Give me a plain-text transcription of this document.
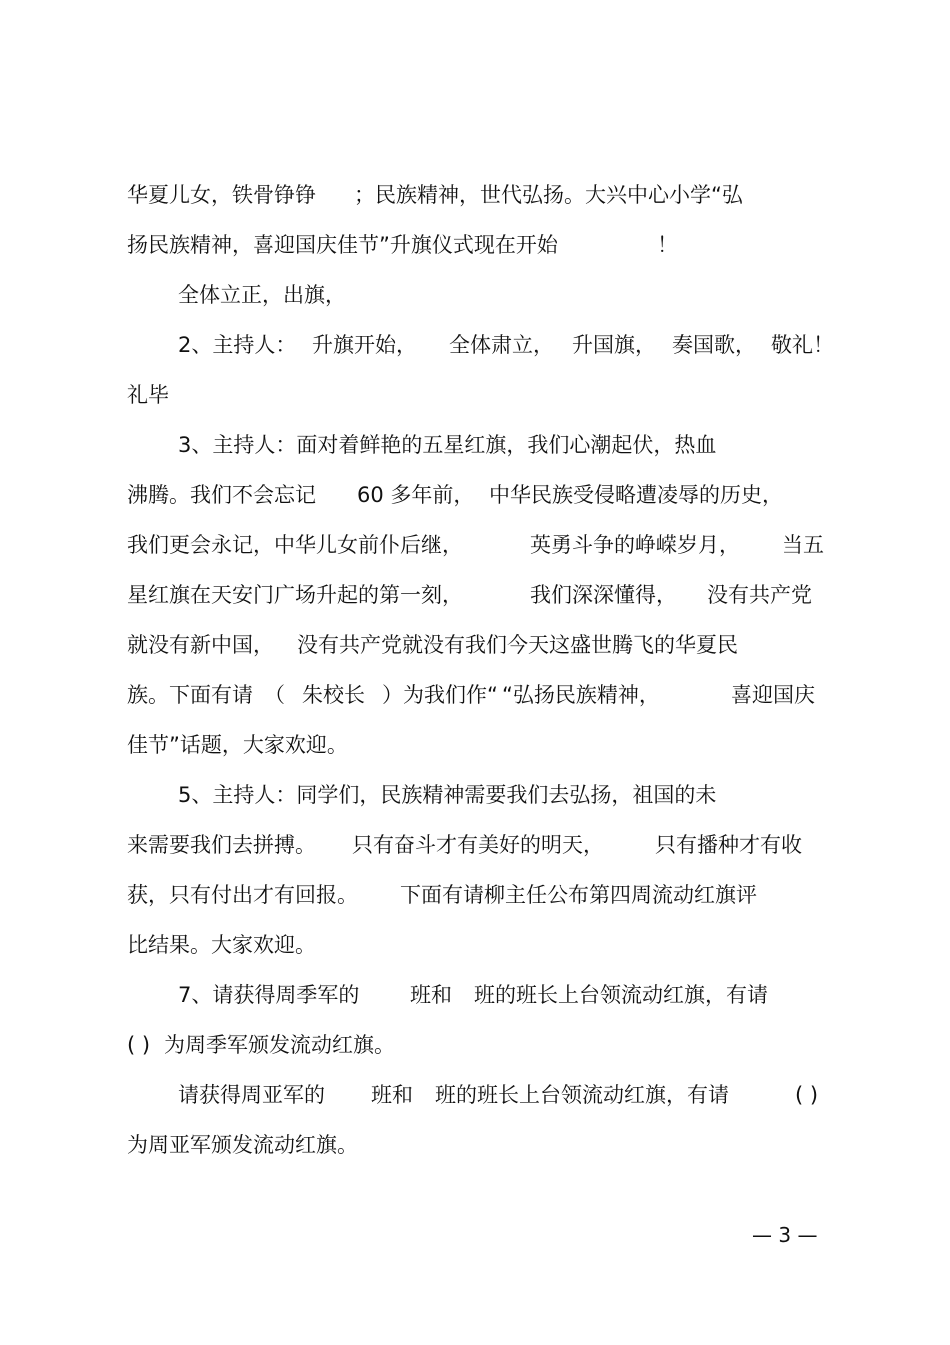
华夏儿女，铁骨铮铮 ；民族精神，世代弘扬。大兴中心小学“弘
扬民族精神，喜迎国庆佳节”升旗仪式现在开始	！
全体立正，出旗，
2、主持人： 升旗开始， 全体肃立， 升国旗， 奏国歌， 敬礼！
礼毕
3、主持人：面对着鲜艳的五星红旗，我们心潮起伏，热血
沸腾。我们不会忘记 60 多年前， 中华民族受侵略遭凌辱的历史，
我们更会永记，中华儿女前仆后继，	英勇斗争的峥嵘岁月， 当五
星红旗在天安门广场升起的第一刻，	我们深深懂得， 没有共产党
就没有新中国， 没有共产党就没有我们今天这盛世腾飞的华夏民
族。下面有请 （ 朱校长 ）为我们作“ “弘扬民族精神，	喜迎国庆
佳节”话题，大家欢迎。
5、主持人：同学们，民族精神需要我们去弘扬，祖国的未
来需要我们去拼搏。 只有奋斗才有美好的明天， 只有播种才有收
获，只有付出才有回报。 下面有请柳主任公布第四周流动红旗评
比结果。大家欢迎。
7、请获得周季军的 班和 班的班长上台领流动红旗，有请
( ) 为周季军颁发流动红旗。
请获得周亚军的 班和 班的班长上台领流动红旗，有请	( )
为周亚军颁发流动红旗。
— 3 —
